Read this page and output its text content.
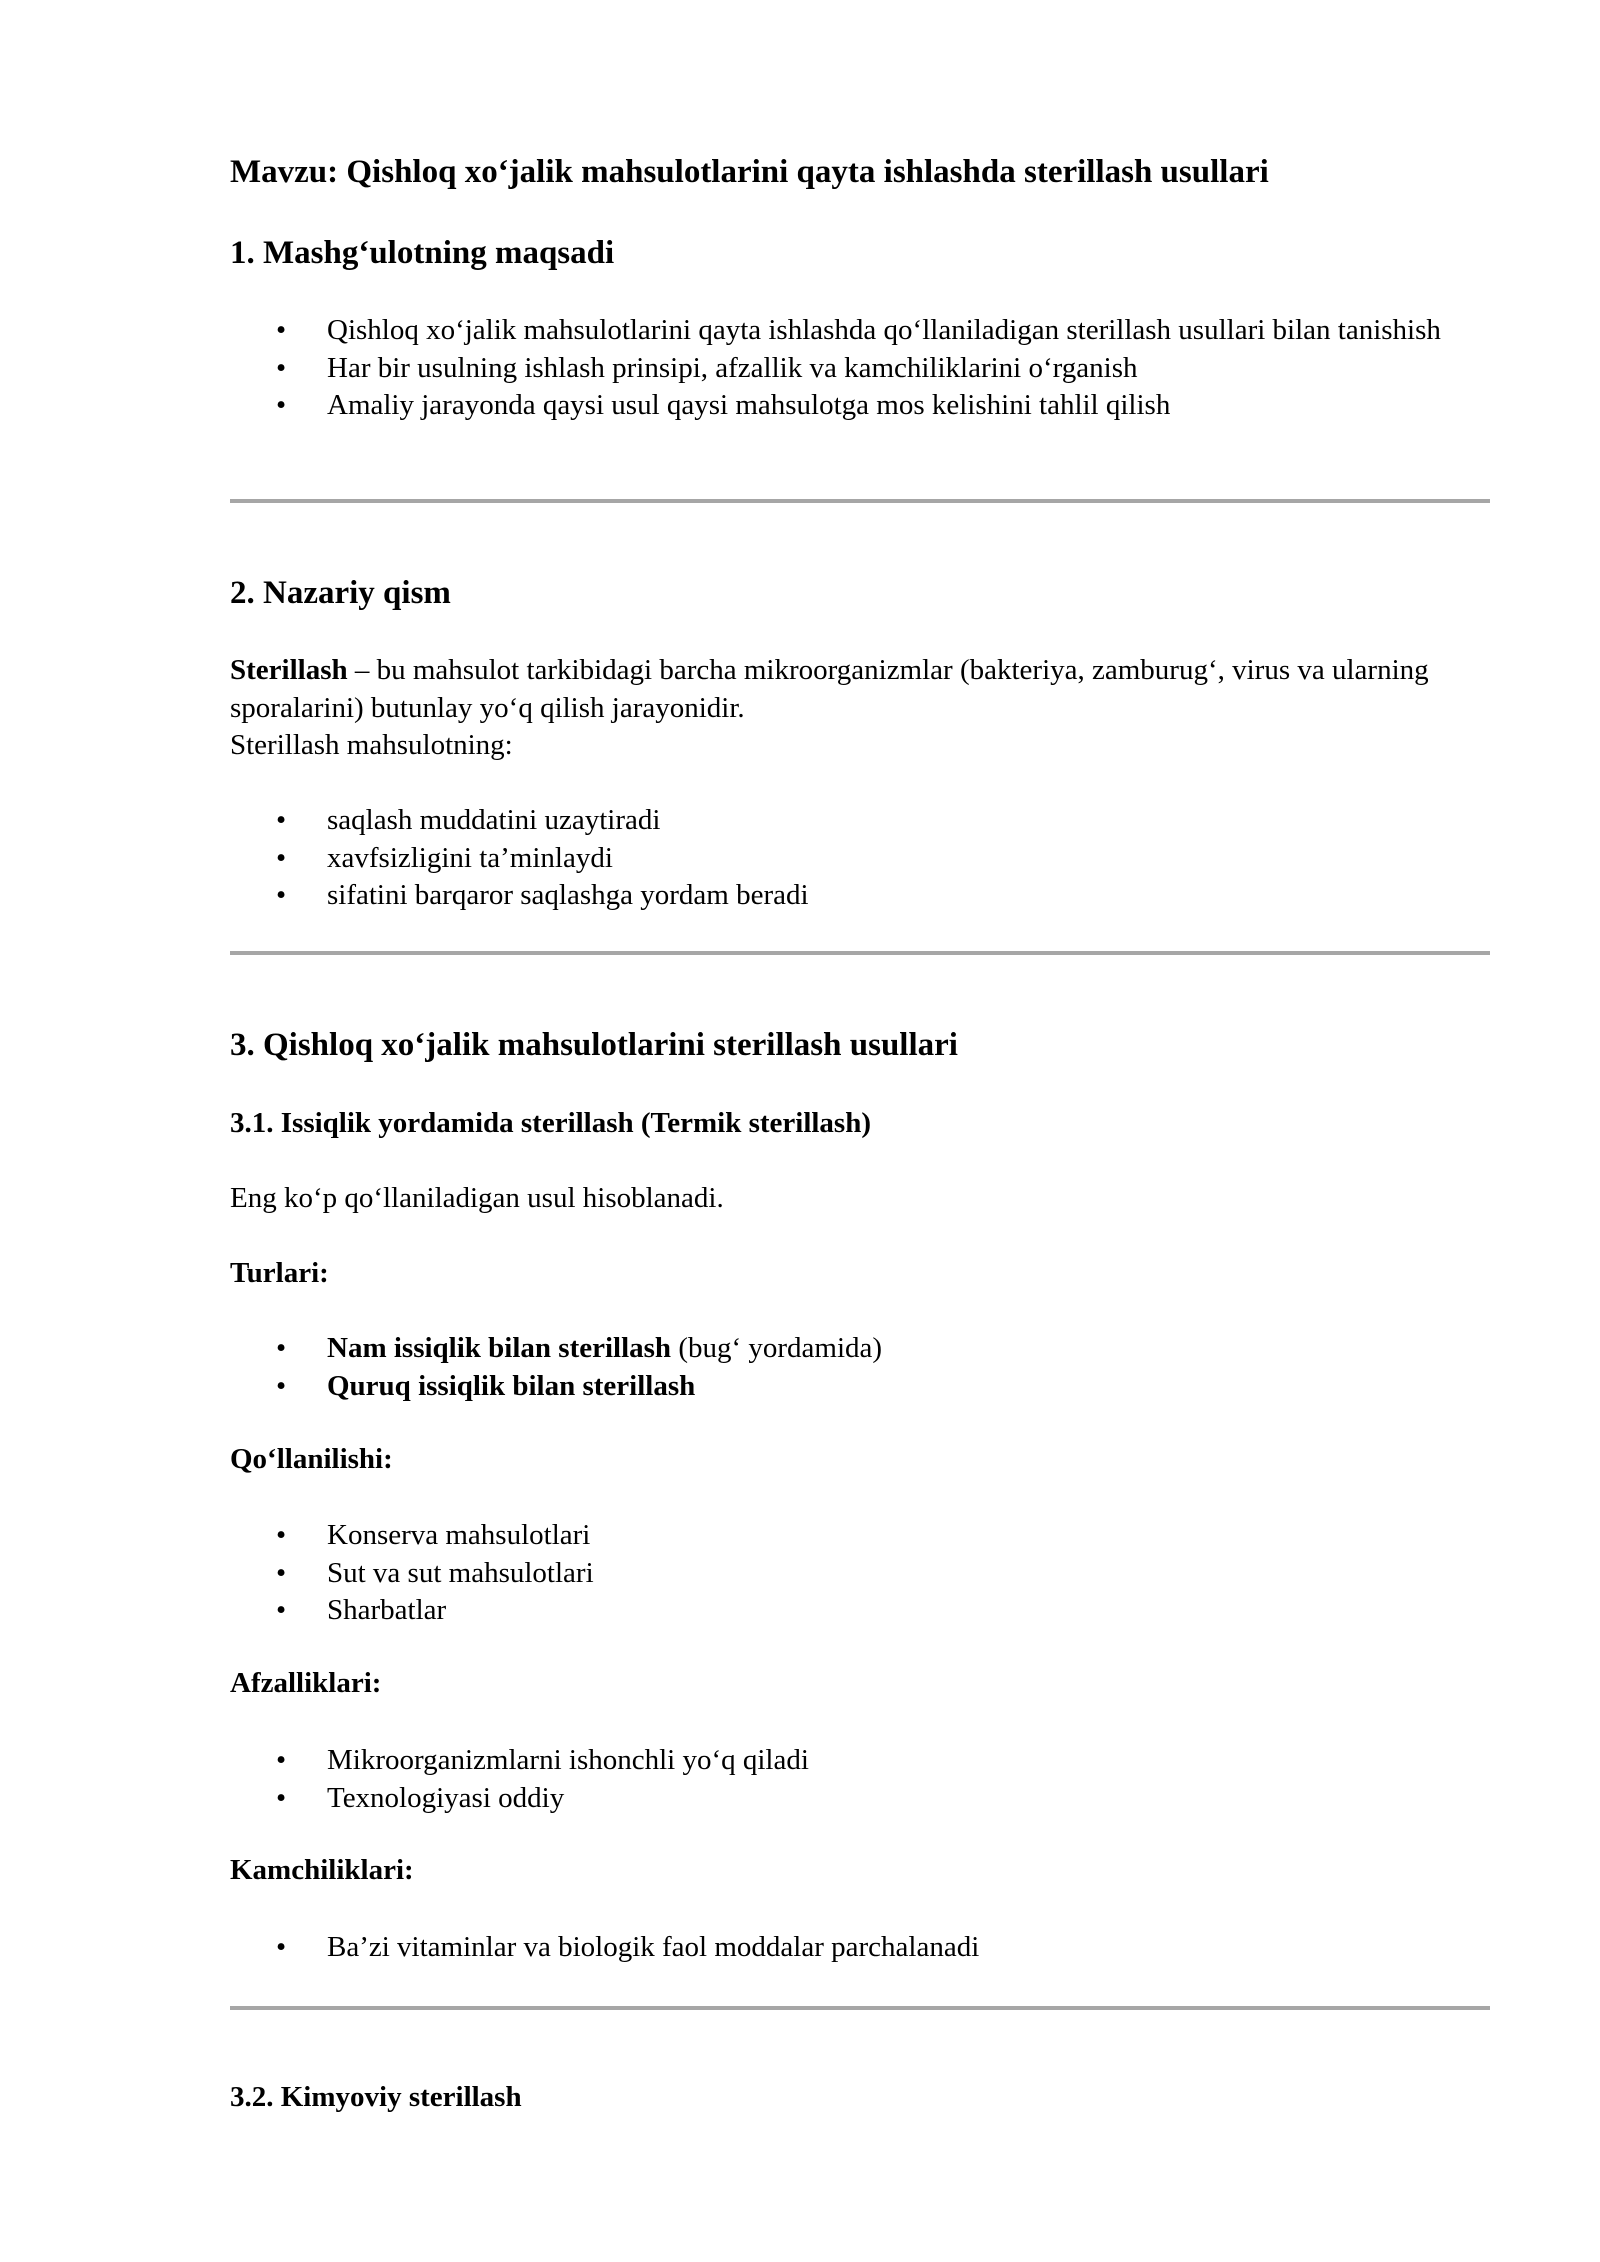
Mavzu: Qishloq xo‘jalik mahsulotlarini qayta ishlashda sterillash usullari
1. Mashg‘ulotning maqsadi
• Qishloq xo‘jalik mahsulotlarini qayta ishlashda qo‘llaniladigan sterillash usullari bilan tanishish
• Har bir usulning ishlash prinsipi, afzallik va kamchiliklarini o‘rganish
• Amaliy jarayonda qaysi usul qaysi mahsulotga mos kelishini tahlil qilish
2. Nazariy qism

Sterillash – bu mahsulot tarkibidagi barcha mikroorganizmlar (bakteriya, zamburug‘, virus va ularning sporalarini) butunlay yo‘q qilish jarayonidir.

Sterillash mahsulotning:

• saqlash muddatini uzaytiradi
• xavfsizligini ta’minlaydi
• sifatini barqaror saqlashga yordam beradi
3. Qishloq xo‘jalik mahsulotlarini sterillash usullari
3.1. Issiqlik yordamida sterillash (Termik sterillash)

Eng ko‘p qo‘llaniladigan usul hisoblanadi.

Turlari:

• Nam issiqlik bilan sterillash (bug‘ yordamida)
• Quruq issiqlik bilan sterillash

Qo‘llanilishi:

• Konserva mahsulotlari
• Sut va sut mahsulotlari
• Sharbatlar

Afzalliklari:

• Mikroorganizmlarni ishonchli yo‘q qiladi
• Texnologiyasi oddiy

Kamchiliklari:

• Ba’zi vitaminlar va biologik faol moddalar parchalanadi
3.2. Kimyoviy sterillash
